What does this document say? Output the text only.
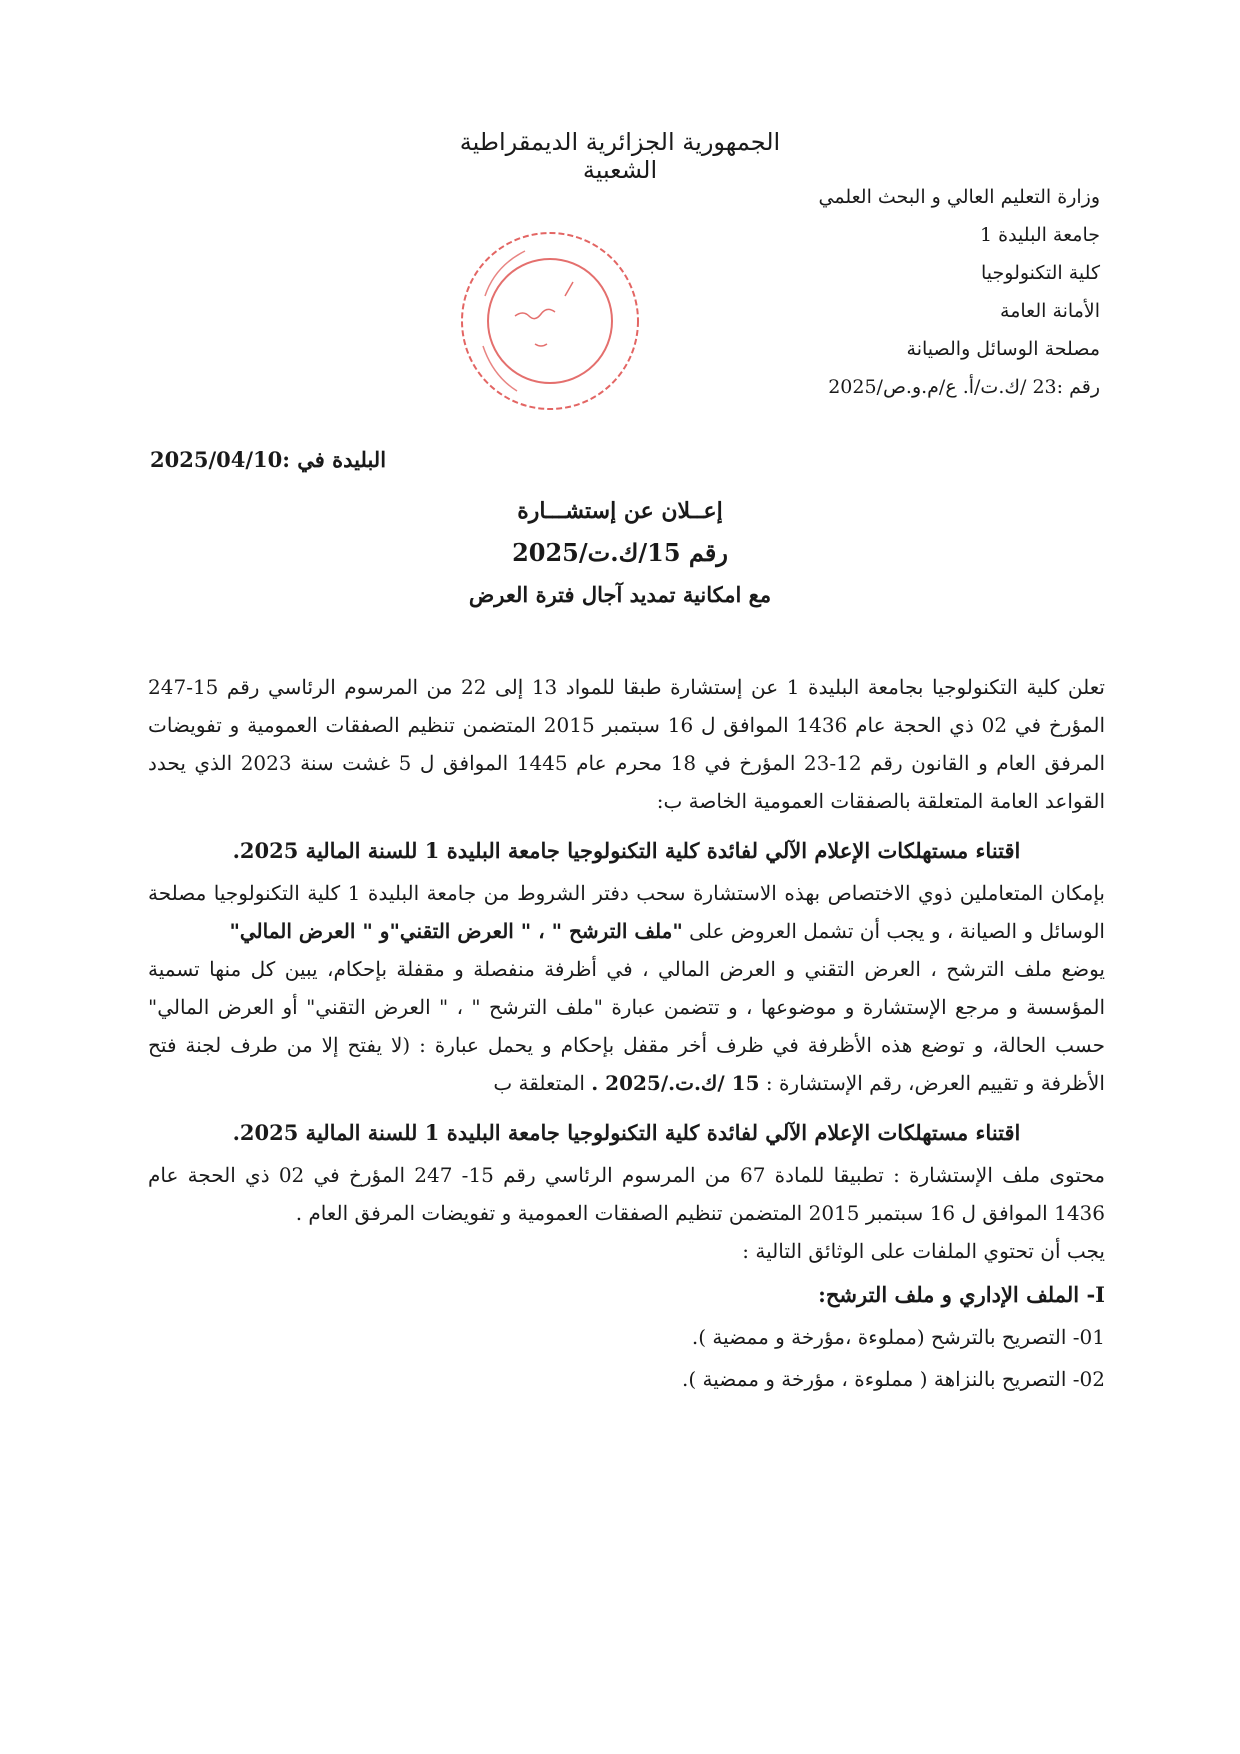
الجمهورية الجزائرية الديمقراطية الشعبية
وزارة التعليم العالي و البحث العلمي
جامعة البليدة 1
كلية التكنولوجيا
الأمانة العامة
مصلحة الوسائل والصيانة
رقم :23 /ك.ت/أ. ع/م.و.ص/2025
البليدة في :2025/04/10
إعــلان عن إستشـــارة
رقم 15/ك.ت/2025
مع امكانية تمديد آجال فترة العرض

تعلن كلية التكنولوجيا بجامعة البليدة 1 عن إستشارة طبقا للمواد 13 إلى 22 من المرسوم الرئاسي رقم 15-247 المؤرخ في 02 ذي الحجة عام 1436 الموافق ل 16 سبتمبر 2015 المتضمن تنظيم الصفقات العمومية و تفويضات المرفق العام و القانون رقم 12-23 المؤرخ في 18 محرم عام 1445 الموافق ل 5 غشت سنة 2023 الذي يحدد القواعد العامة المتعلقة بالصفقات العمومية الخاصة ب:

اقتناء مستهلكات الإعلام الآلي لفائدة كلية التكنولوجيا جامعة البليدة 1 للسنة المالية 2025.

بإمكان المتعاملين ذوي الاختصاص بهذه الاستشارة سحب دفتر الشروط من جامعة البليدة 1 كلية التكنولوجيا مصلحة الوسائل و الصيانة ، و يجب أن تشمل العروض على "ملف الترشح " ، " العرض التقني"و " العرض المالي"

يوضع ملف الترشح ، العرض التقني و العرض المالي ، في أظرفة منفصلة و مقفلة بإحكام، يبين كل منها تسمية المؤسسة و مرجع الإستشارة و موضوعها ، و تتضمن عبارة "ملف الترشح " ، " العرض التقني" أو العرض المالي" حسب الحالة، و توضع هذه الأظرفة في ظرف أخر مقفل بإحكام و يحمل عبارة : (لا يفتح إلا من طرف لجنة فتح الأظرفة و تقييم العرض، رقم الإستشارة : 15 /ك.ت./2025 . المتعلقة ب

اقتناء مستهلكات الإعلام الآلي لفائدة كلية التكنولوجيا جامعة البليدة 1 للسنة المالية 2025.

محتوى ملف الإستشارة : تطبيقا للمادة 67 من المرسوم الرئاسي رقم 15- 247 المؤرخ في 02 ذي الحجة عام 1436 الموافق ل 16 سبتمبر 2015 المتضمن تنظيم الصفقات العمومية و تفويضات المرفق العام .

يجب أن تحتوي الملفات على الوثائق التالية :

I- الملف الإداري و ملف الترشح:
01- التصريح بالترشح (مملوءة ،مؤرخة و ممضية ).
02- التصريح بالنزاهة ( مملوءة ، مؤرخة و ممضية ).
